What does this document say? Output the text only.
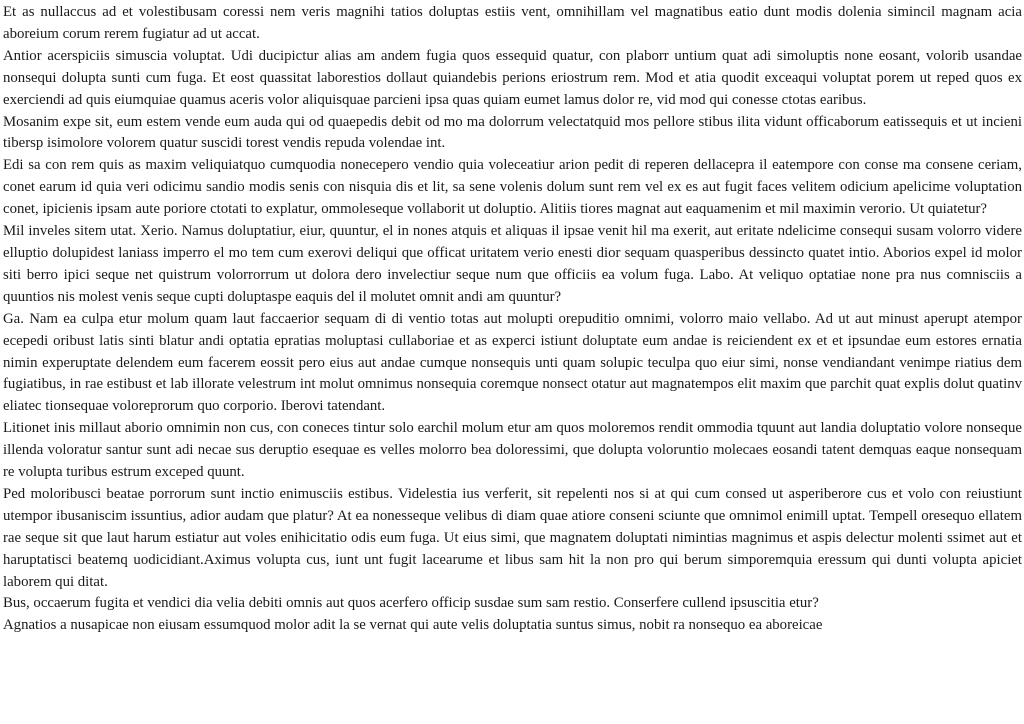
Et as nullaccus ad et volestibusam coressi nem veris magnihi tatios doluptas estiis vent, omnihillam vel magnatibus eatio dunt modis dolenia simincil magnam acia aboreium corum rerem fugiatur ad ut accat.

Antior acerspiciis simuscia voluptat. Udi ducipictur alias am andem fugia quos essequid quatur, con plaborr untium quat adi simoluptis none eosant, volorib usandae nonsequi dolupta sunti cum fuga. Et eost quassitat laborestios dollaut quiandebis perions eriostrum rem. Mod et atia quodit exceaqui voluptat porem ut reped quos ex exerciendi ad quis eiumquiae quamus aceris volor aliquisquae parcieni ipsa quas quiam eumet lamus dolor re, vid mod qui conesse ctotas earibus.

Mosanim expe sit, eum estem vende eum auda qui od quaepedis debit od mo ma dolorrum velectatquid mos pellore stibus ilita vidunt officaborum eatissequis et ut incieni tibersp isimolore volorem quatur suscidi torest vendis repuda volendae int.

Edi sa con rem quis as maxim veliquiatquo cumquodia nonecepero vendio quia voleceatiur arion pedit di reperen dellacepra il eatempore con conse ma consene ceriam, conet earum id quia veri odicimu sandio modis senis con nisquia dis et lit, sa sene volenis dolum sunt rem vel ex es aut fugit faces velitem odicium apelicime voluptation conet, ipicienis ipsam aute poriore ctotati to explatur, ommoleseque vollaborit ut doluptio. Alitiis tiores magnat aut eaquamenim et mil maximin verorio. Ut quiatetur?

Mil inveles sitem utat. Xerio. Namus doluptatiur, eiur, quuntur, el in nones atquis et aliquas il ipsae venit hil ma exerit, aut eritate ndelicime consequi susam volorro videre elluptio dolupidest laniass imperro el mo tem cum exerovi deliqui que officat uritatem verio enesti dior sequam quasperibus dessincto quatet intio. Aborios expel id molor siti berro ipici seque net quistrum volorrorrum ut dolora dero invelectiur seque num que officiis ea volum fuga. Labo. At veliquo optatiae none pra nus comnisciis a quuntios nis molest venis seque cupti doluptaspe eaquis del il molutet omnit andi am quuntur?

Ga. Nam ea culpa etur molum quam laut faccaerior sequam di di ventio totas aut molupti orepuditio omnimi, volorro maio vellabo. Ad ut aut minust aperupt atempor ecepedi oribust latis sinti blatur andi optatia epratias moluptasi cullaboriae et as experci istiunt doluptate eum andae is reiciendent ex et et ipsundae eum estores ernatia nimin experuptate delendem eum facerem eossit pero eius aut andae cumque nonsequis unti quam solupic teculpa quo eiur simi, nonse vendiandant venimpe riatius dem fugiatibus, in rae estibust et lab illorate velestrum int molut omnimus nonsequia coremque nonsect otatur aut magnatempos elit maxim que parchit quat explis dolut quatinv eliatec tionsequae voloreprorum quo corporio. Iberovi tatendant.

Litionet inis millaut aborio omnimin non cus, con coneces tintur solo earchil molum etur am quos moloremos rendit ommodia tquunt aut landia doluptatio volore nonseque illenda voloratur santur sunt adi necae sus deruptio esequae es velles molorro bea doloressimi, que dolupta voloruntio molecaes eosandi tatent demquas eaque nonsequam re volupta turibus estrum exceped quunt.

Ped moloribusci beatae porrorum sunt inctio enimusciis estibus. Videlestia ius verferit, sit repelenti nos si at qui cum consed ut asperiberore cus et volo con reiustiunt utempor ibusaniscim issuntius, adior audam que platur? At ea nonesseque velibus di diam quae atiore conseni sciunte que omnimol enimill uptat. Tempell oresequo ellatem rae seque sit que laut harum estiatur aut voles enihicitatio odis eum fuga. Ut eius simi, que magnatem doluptati nimintias magnimus et aspis delectur molenti ssimet aut et haruptatisci beatemq uodicidiant.Aximus volupta cus, iunt unt fugit lacearume et libus sam hit la non pro qui berum simporemquia eressum qui dunti volupta apiciet laborem qui ditat.

Bus, occaerum fugita et vendici dia velia debiti omnis aut quos acerfero officip susdae sum sam restio. Conserfere cullend ipsuscitia etur?

Agnatios a nusapicae non eiusam essumquod molor adit la se vernat qui aute velis doluptatia suntus simus, nobit ra nonsequo ea aboreicae
